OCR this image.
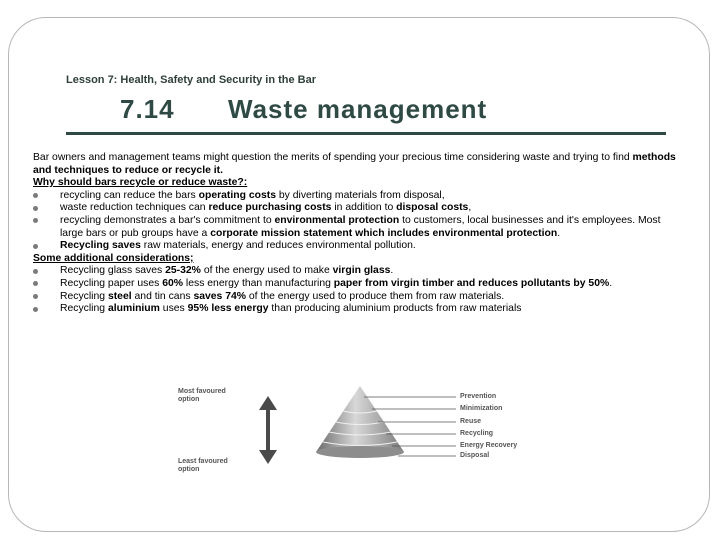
Lesson 7: Health, Safety and Security in the Bar
7.14 Waste management

Bar owners and management teams might question the merits of spending your precious time considering waste and trying to find methods and techniques to reduce or recycle it.

Why should bars recycle or reduce waste?:

recycling can reduce the bars operating costs by diverting materials from disposal,
waste reduction techniques can reduce purchasing costs in addition to disposal costs,
recycling demonstrates a bar's commitment to environmental protection to customers, local businesses and it's employees. Most large bars or pub groups have a corporate mission statement which includes environmental protection.
Recycling saves raw materials, energy and reduces environmental pollution.

Some additional considerations;

Recycling glass saves 25-32% of the energy used to make virgin glass.
Recycling paper uses 60% less energy than manufacturing paper from virgin timber and reduces pollutants by 50%.
Recycling steel and tin cans saves 74% of the energy used to produce them from raw materials.
Recycling aluminium uses 95% less energy than producing aluminium products from raw materials
Most favoured option
Least favoured option
Prevention
Minimization
Reuse
Recycling
Energy Recovery
Disposal
